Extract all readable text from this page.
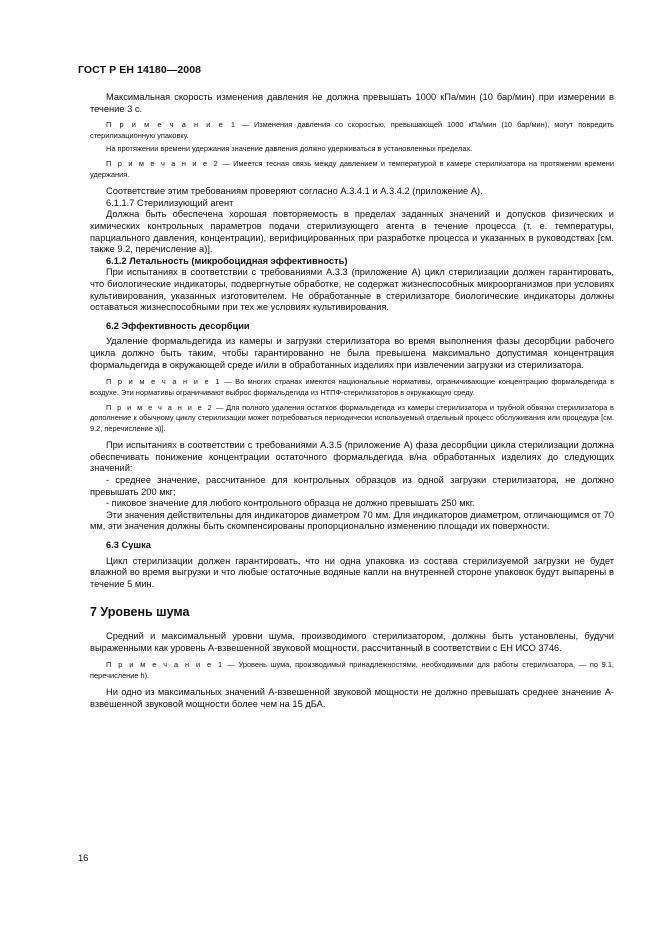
ГОСТ Р ЕН 14180—2008

Максимальная скорость изменения давления не должна превышать 1000 кПа/мин (10 бар/мин) при измерении в течение 3 с.

П р и м е ч а н и е 1 — Изменения давления со скоростью, превышающей 1000 кПа/мин (10 бар/мин), могут повредить стерилизационную упаковку.

На протяжении времени удержания значение давления должно удерживаться в установленных пределах.

П р и м е ч а н и е 2 — Имеется тесная связь между давлением и температурой в камере стерилизатора на протяжении времени удержания.

Соответствие этим требованиям проверяют согласно А.3.4.1 и А.3.4.2 (приложение А).

6.1.1.7 Стерилизующий агент

Должна быть обеспечена хорошая повторяемость в пределах заданных значений и допусков физических и химических контрольных параметров подачи стерилизующего агента в течение процесса (т. е. температуры, парциального давления, концентрации), верифицированных при разработке процесса и указанных в руководствах [см. также 9.2, перечисление а)].

6.1.2 Летальность (микробоцидная эффективность)

При испытаниях в соответствии с требованиями А.3.3 (приложение А) цикл стерилизации должен гарантировать, что биологические индикаторы, подвергнутые обработке, не содержат жизнеспособных микроорганизмов при условиях культивирования, указанных изготовителем. Не обработанные в стерилизаторе биологические индикаторы должны оставаться жизнеспособными при тех же условиях культивирования.

6.2 Эффективность десорбции

Удаление формальдегида из камеры и загрузки стерилизатора во время выполнения фазы десорбции рабочего цикла должно быть таким, чтобы гарантированно не была превышена максимально допустимая концентрация формальдегида в окружающей среде и/или в обработанных изделиях при извлечении загрузки из стерилизатора.

П р и м е ч а н и е 1 — Во многих странах имеются национальные нормативы, ограничивающие концентрацию формальдегида в воздухе. Эти нормативы ограничивают выброс формальдегида из НТПФ-стерилизаторов в окружающую среду.

П р и м е ч а н и е 2 — Для полного удаления остатков формальдегида из камеры стерилизатора и трубной обвязки стерилизатора в дополнение к обычному циклу стерилизации может потребоваться периодически используемый отдельный процесс обслуживания или процедура [см. 9.2, перечисление а)].

При испытаниях в соответствии с требованиями А.3.5 (приложение А) фаза десорбции цикла стерилизации должна обеспечивать понижение концентрации остаточного формальдегида в/на обработанных изделиях до следующих значений:

- среднее значение, рассчитанное для контрольных образцов из одной загрузки стерилизатора, не должно превышать 200 мкг;

- пиковое значение для любого контрольного образца не должно превышать 250 мкг.

Эти значения действительны для индикаторов диаметром 70 мм. Для индикаторов диаметром, отличающимся от 70 мм, эти значения должны быть скомпенсированы пропорционально изменению площади их поверхности.

6.3 Сушка

Цикл стерилизации должен гарантировать, что ни одна упаковка из состава стерилизуемой загрузки не будет влажной во время выгрузки и что любые остаточные водяные капли на внутренней стороне упаковок будут выпарены в течение 5 мин.

7 Уровень шума

Средний и максимальный уровни шума, производимого стерилизатором, должны быть установлены, будучи выраженными как уровень A-взвешенной звуковой мощности, рассчитанный в соответствии с ЕН ИСО 3746.

П р и м е ч а н и е 1 — Уровень шума, производимый принадлежностями, необходимыми для работы стерилизатора, — по 9.1, перечисление h).

Ни одно из максимальных значений A-взвешенной звуковой мощности не должно превышать среднее значение A-взвешенной звуковой мощности более чем на 15 дБА.

16
